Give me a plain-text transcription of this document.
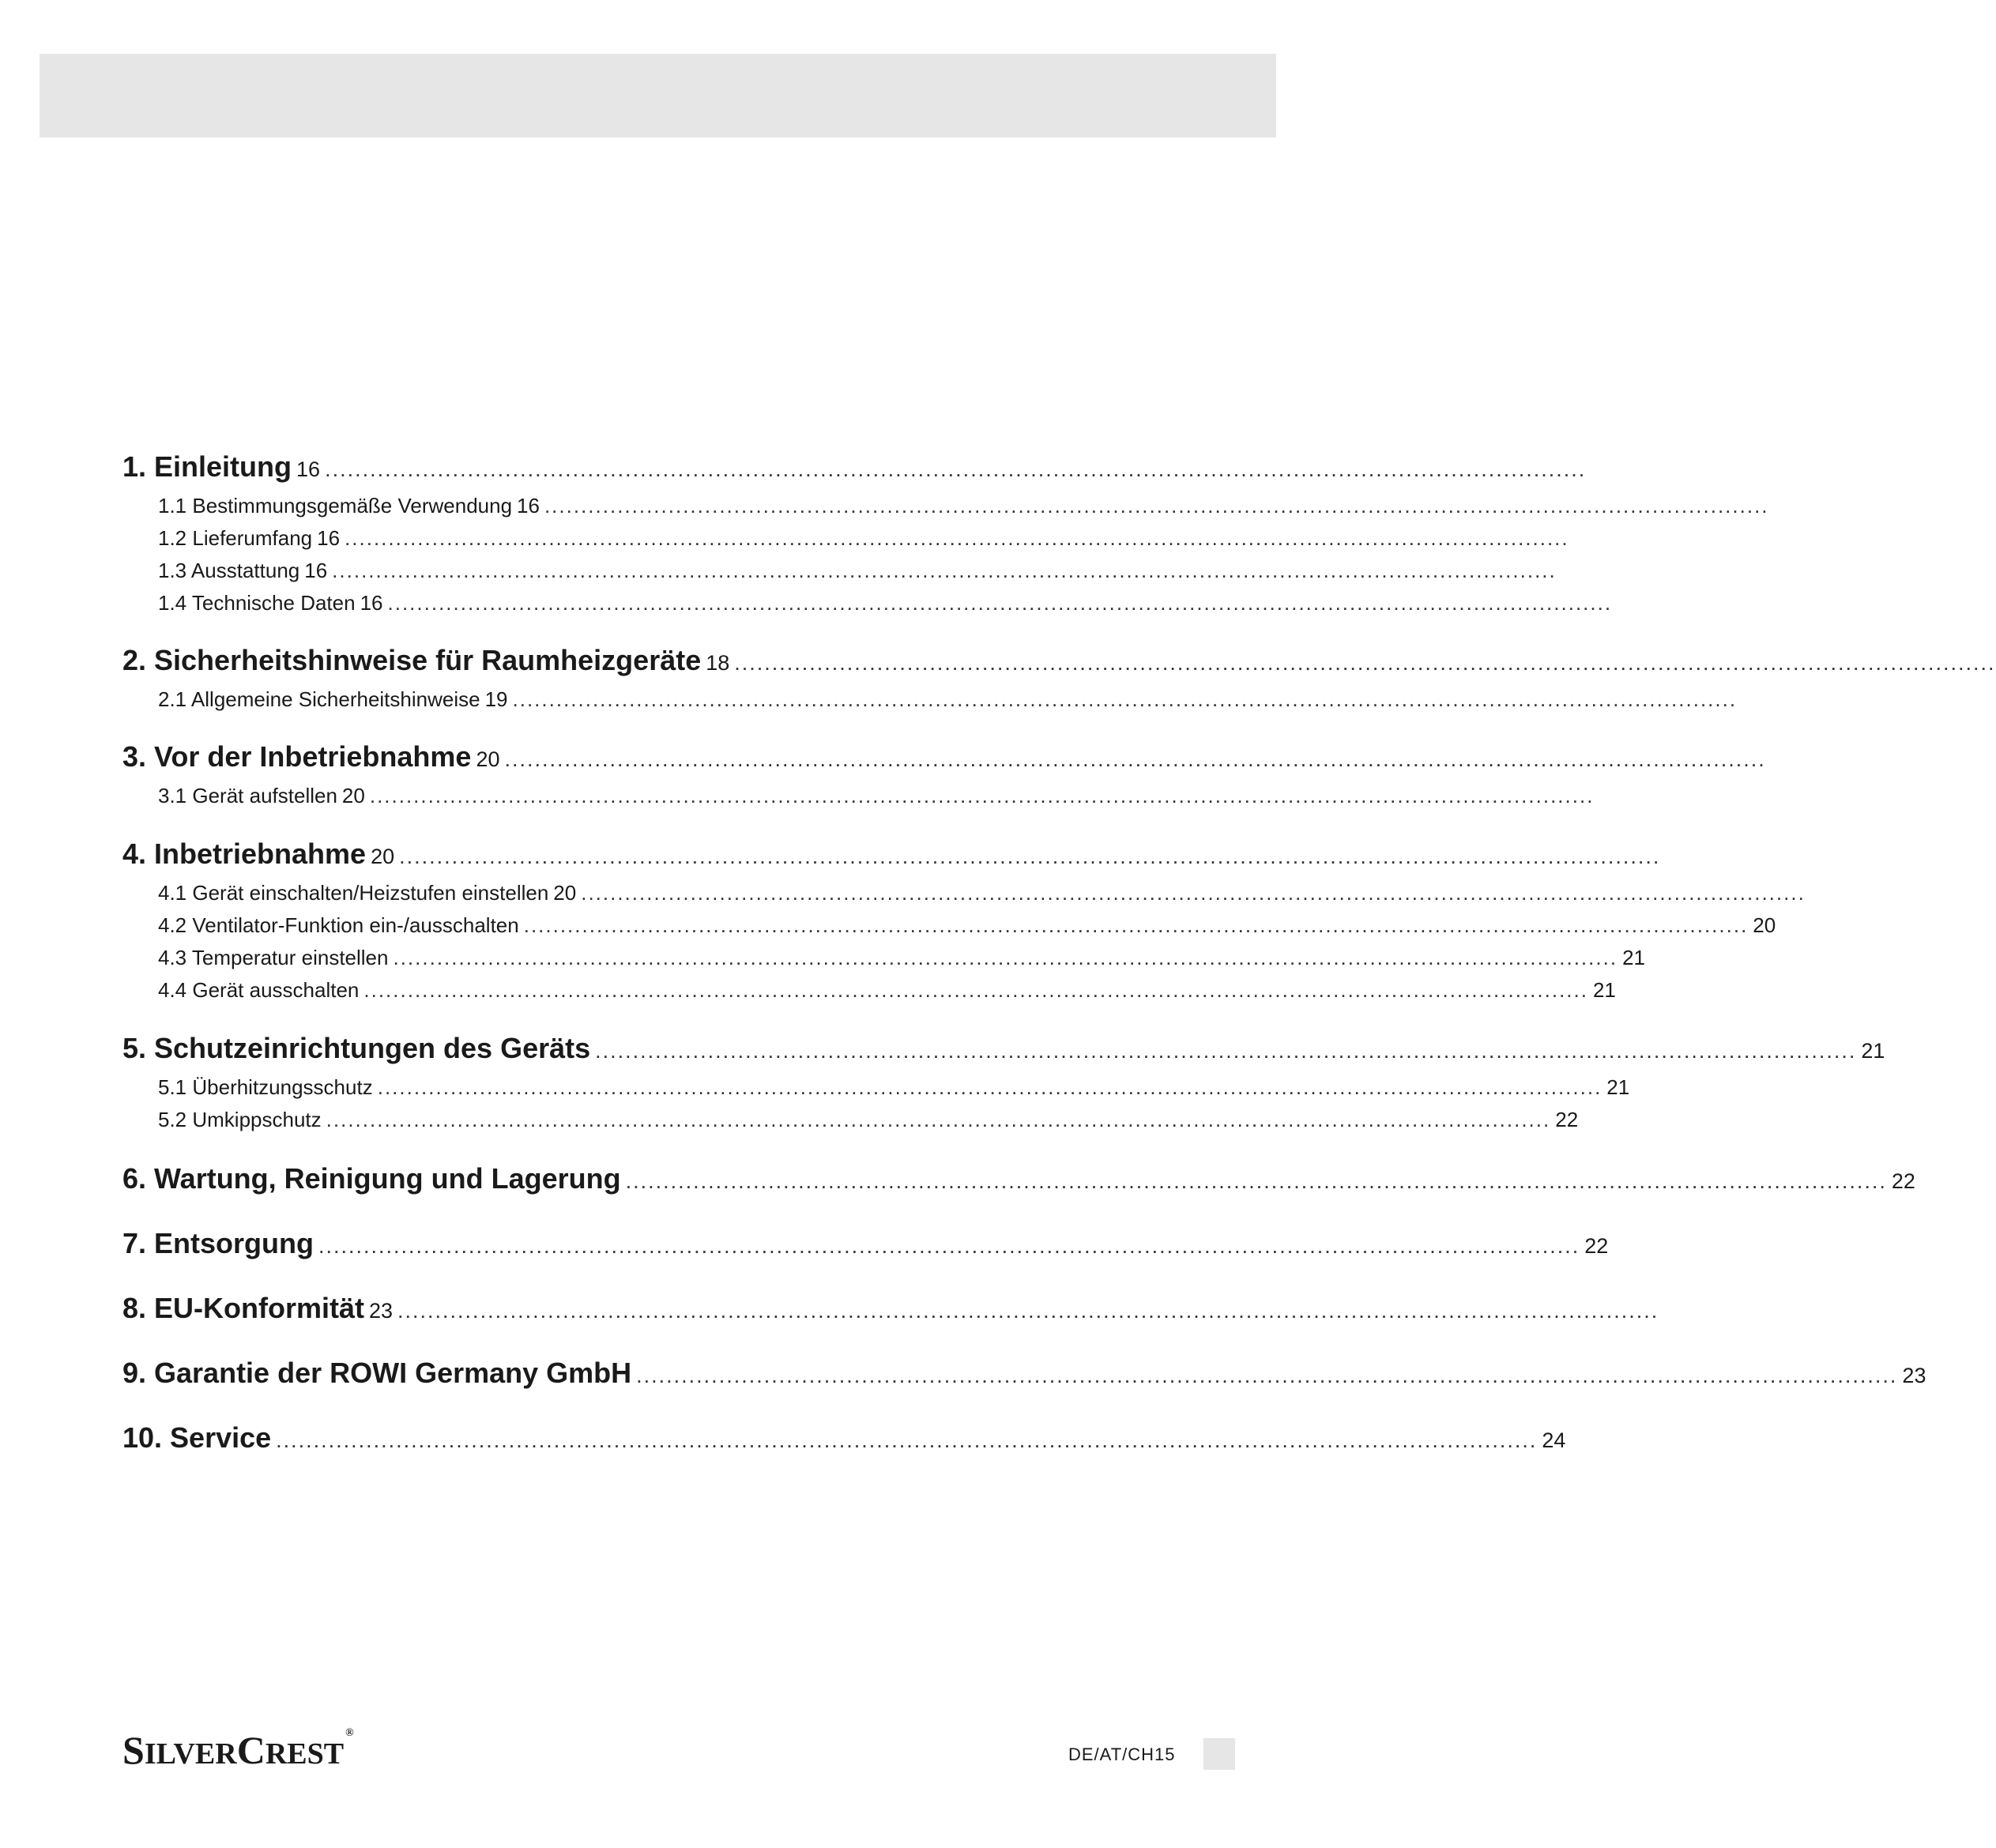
1. Einleitung 16 ........................................................................................................................................................................
1.1 Bestimmungsgemäße Verwendung 16 ........................................................................................................................................................................
1.2 Lieferumfang 16 ........................................................................................................................................................................
1.3 Ausstattung 16 ........................................................................................................................................................................
1.4 Technische Daten 16 ........................................................................................................................................................................
2. Sicherheitshinweise für Raumheizgeräte 18 ........................................................................................................................................................................
2.1 Allgemeine Sicherheitshinweise 19 ........................................................................................................................................................................
3. Vor der Inbetriebnahme 20 ........................................................................................................................................................................
3.1 Gerät aufstellen 20 ........................................................................................................................................................................
4. Inbetriebnahme 20 ........................................................................................................................................................................
4.1 Gerät einschalten/Heizstufen einstellen 20 ........................................................................................................................................................................
4.2 Ventilator-Funktion ein-/ausschalten ........................................................................................................................................................................ 20
4.3 Temperatur einstellen ........................................................................................................................................................................ 21
4.4 Gerät ausschalten ........................................................................................................................................................................ 21
5. Schutzeinrichtungen des Geräts ........................................................................................................................................................................ 21
5.1 Überhitzungsschutz ........................................................................................................................................................................ 21
5.2 Umkippschutz ........................................................................................................................................................................ 22
6. Wartung, Reinigung und Lagerung ........................................................................................................................................................................ 22
7. Entsorgung ........................................................................................................................................................................ 22
8. EU-Konformität 23 ........................................................................................................................................................................
9. Garantie der ROWI Germany GmbH ........................................................................................................................................................................ 23
10. Service ........................................................................................................................................................................ 24
SILVERCREST®
DE/AT/CH15
